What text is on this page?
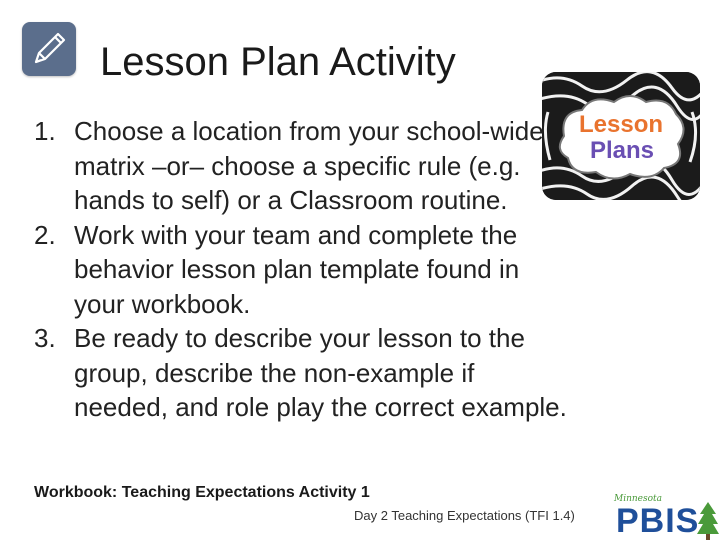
Lesson Plan Activity
Lesson
Plans
1. Choose a location from your school-wide matrix –or– choose a specific rule (e.g. hands to self) or a Classroom routine.
2. Work with your team and complete the behavior lesson plan template found in your workbook.
3. Be ready to describe your lesson to the group, describe the non-example if needed, and role play the correct example.
Workbook: Teaching Expectations Activity 1
Day 2 Teaching Expectations (TFI 1.4)
Minnesota
PBIS
